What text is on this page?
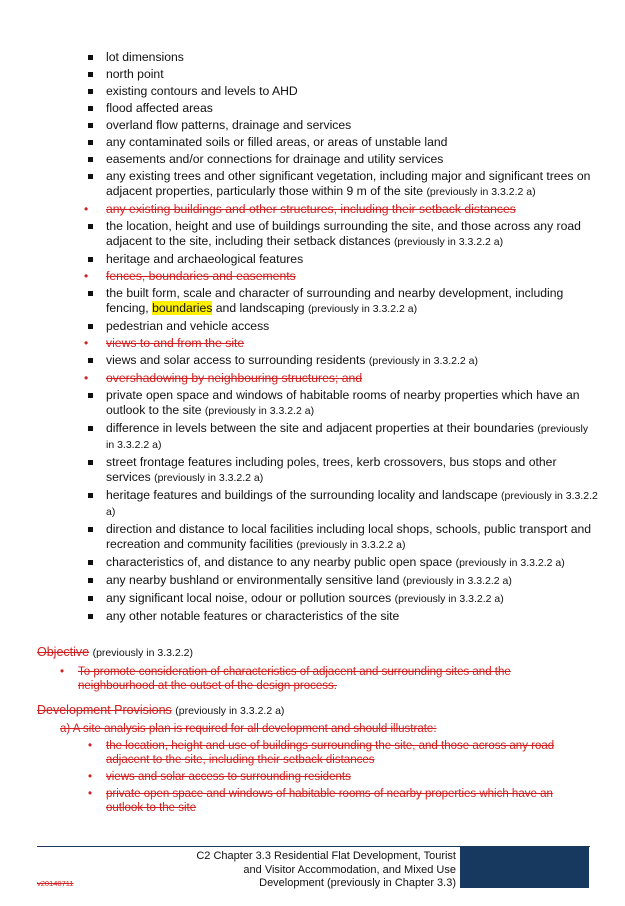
lot dimensions
north point
existing contours and levels to AHD
flood affected areas
overland flow patterns, drainage and services
any contaminated soils or filled areas, or areas of unstable land
easements and/or connections for drainage and utility services
any existing trees and other significant vegetation, including major and significant trees on adjacent properties, particularly those within 9 m of the site (previously in 3.3.2.2 a)
• any existing buildings and other structures, including their setback distances
the location, height and use of buildings surrounding the site, and those across any road adjacent to the site, including their setback distances (previously in 3.3.2.2 a)
heritage and archaeological features
• fences, boundaries and easements
the built form, scale and character of surrounding and nearby development, including fencing, boundaries and landscaping (previously in 3.3.2.2 a)
pedestrian and vehicle access
• views to and from the site
views and solar access to surrounding residents (previously in 3.3.2.2 a)
• overshadowing by neighbouring structures; and
private open space and windows of habitable rooms of nearby properties which have an outlook to the site (previously in 3.3.2.2 a)
difference in levels between the site and adjacent properties at their boundaries (previously in 3.3.2.2 a)
street frontage features including poles, trees, kerb crossovers, bus stops and other services (previously in 3.3.2.2 a)
heritage features and buildings of the surrounding locality and landscape (previously in 3.3.2.2 a)
direction and distance to local facilities including local shops, schools, public transport and recreation and community facilities (previously in 3.3.2.2 a)
characteristics of, and distance to any nearby public open space (previously in 3.3.2.2 a)
any nearby bushland or environmentally sensitive land (previously in 3.3.2.2 a)
any significant local noise, odour or pollution sources (previously in 3.3.2.2 a)
any other notable features or characteristics of the site
Objective (previously in 3.3.2.2)
• To promote consideration of characteristics of adjacent and surrounding sites and the neighbourhood at the outset of the design process.
Development Provisions (previously in 3.3.2.2 a)
a) A site analysis plan is required for all development and should illustrate:
• the location, height and use of buildings surrounding the site, and those across any road adjacent to the site, including their setback distances
• views and solar access to surrounding residents
• private open space and windows of habitable rooms of nearby properties which have an outlook to the site
C2 Chapter 3.3 Residential Flat Development, Tourist
and Visitor Accommodation, and Mixed Use
Development (previously in Chapter 3.3)
v20140711
